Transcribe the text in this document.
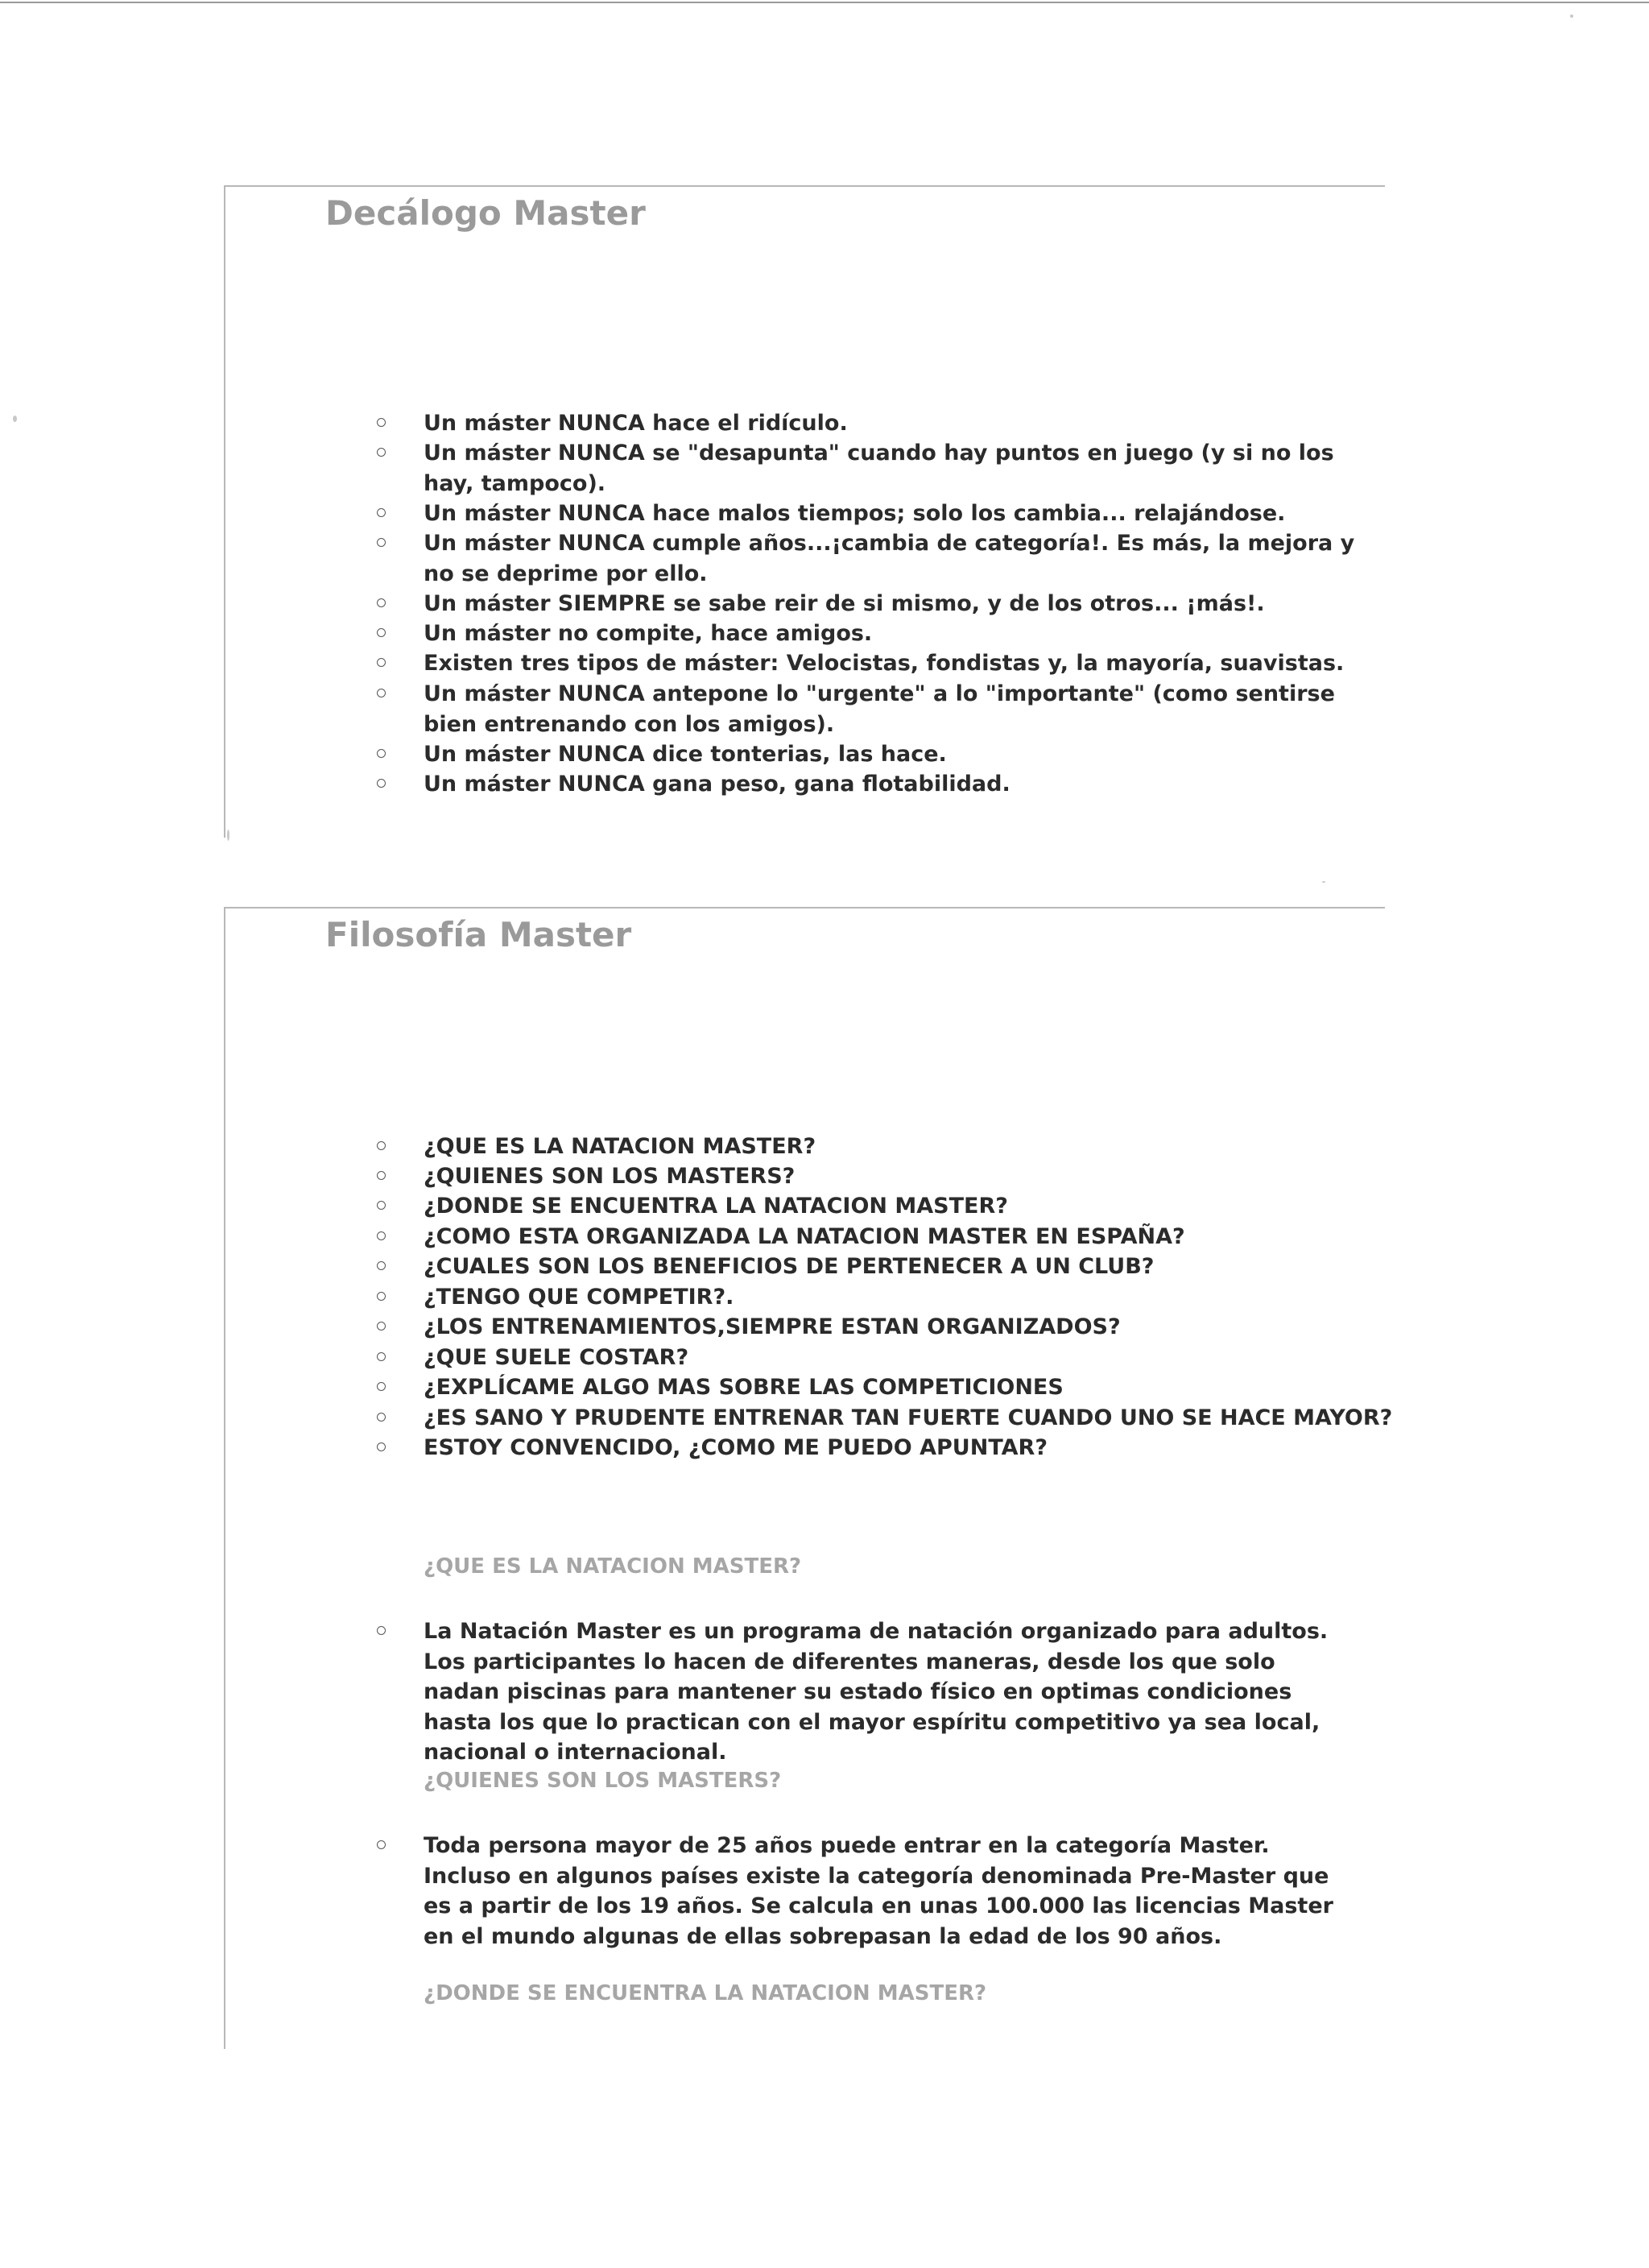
Decálogo Master
Un máster NUNCA hace el ridículo.
Un máster NUNCA se "desapunta" cuando hay puntos en juego (y si no los hay, tampoco).
Un máster NUNCA hace malos tiempos; solo los cambia... relajándose.
Un máster NUNCA cumple años...¡cambia de categoría!. Es más, la mejora y no se deprime por ello.
Un máster SIEMPRE se sabe reir de si mismo, y de los otros... ¡más!.
Un máster no compite, hace amigos.
Existen tres tipos de máster: Velocistas, fondistas y, la mayoría, suavistas.
Un máster NUNCA antepone lo "urgente" a lo "importante" (como sentirse bien entrenando con los amigos).
Un máster NUNCA dice tonterias, las hace.
Un máster NUNCA gana peso, gana flotabilidad.
Filosofía Master
¿QUE ES LA NATACION MASTER?
¿QUIENES SON LOS MASTERS?
¿DONDE SE ENCUENTRA LA NATACION MASTER?
¿COMO ESTA ORGANIZADA LA NATACION MASTER EN ESPAÑA?
¿CUALES SON LOS BENEFICIOS DE PERTENECER A UN CLUB?
¿TENGO QUE COMPETIR?.
¿LOS ENTRENAMIENTOS,SIEMPRE ESTAN ORGANIZADOS?
¿QUE SUELE COSTAR?
¿EXPLÍCAME ALGO MAS SOBRE LAS COMPETICIONES
¿ES SANO Y PRUDENTE ENTRENAR TAN FUERTE CUANDO UNO SE HACE MAYOR?
ESTOY CONVENCIDO, ¿COMO ME PUEDO APUNTAR?
¿QUE ES LA NATACION MASTER?
La Natación Master es un programa de natación organizado para adultos. Los participantes lo hacen de diferentes maneras, desde los que solo nadan piscinas para mantener su estado físico en optimas condiciones hasta los que lo practican con el mayor espíritu competitivo ya sea local, nacional o internacional.
¿QUIENES SON LOS MASTERS?
Toda persona mayor de 25 años puede entrar en la categoría Master. Incluso en algunos países existe la categoría denominada Pre-Master que es a partir de los 19 años. Se calcula en unas 100.000 las licencias Master en el mundo algunas de ellas sobrepasan la edad de los 90 años.
¿DONDE SE ENCUENTRA LA NATACION MASTER?
